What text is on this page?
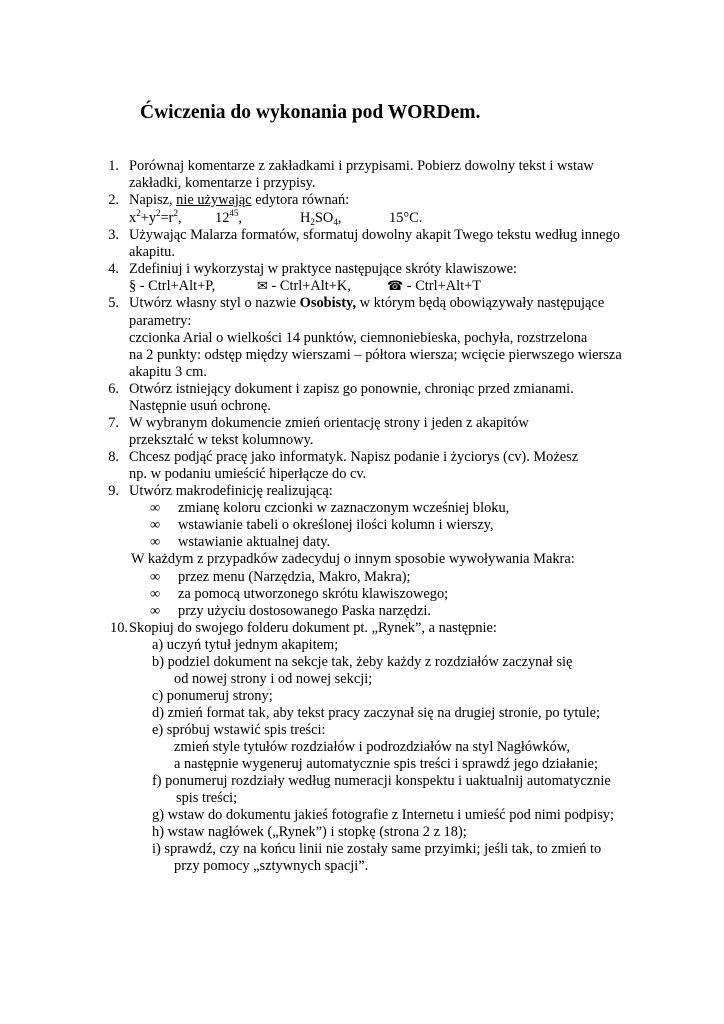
Ćwiczenia do wykonania pod WORDem.
1. Porównaj komentarze z zakładkami i przypisami. Pobierz dowolny tekst i wstaw
zakładki, komentarze i przypisy.
2. Napisz, nie używając edytora równań:
$x^2+y^2=r^2$, $12^{45}$,	$H_2SO_4$,	15°C.
3. Używając Malarza formatów, sformatuj dowolny akapit Twego tekstu według innego
akapitu.
4. Zdefiniuj i wykorzystaj w praktyce następujące skróty klawiszowe:
§ - Ctrl+Alt+P,	✉ - Ctrl+Alt+K,	☎ - Ctrl+Alt+T
5. Utwórz własny styl o nazwie Osobisty, w którym będą obowiązywały następujące
parametry:
czcionka Arial o wielkości 14 punktów, ciemnoniebieska, pochyła, rozstrzelona
na 2 punkty: odstęp między wierszami – półtora wiersza; wcięcie pierwszego wiersza
akapitu 3 cm.
6. Otwórz istniejący dokument i zapisz go ponownie, chroniąc przed zmianami.
Następnie usuń ochronę.
7. W wybranym dokumencie zmień orientację strony i jeden z akapitów
przekształć w tekst kolumnowy.
8. Chcesz podjąć pracę jako informatyk. Napisz podanie i życiorys (cv). Możesz
np. w podaniu umieścić hiperłącze do cv.
9. Utwórz makrodefinicję realizującą:
∞ zmianę koloru czcionki w zaznaczonym wcześniej bloku,
∞ wstawianie tabeli o określonej ilości kolumn i wierszy,
∞ wstawianie aktualnej daty.
W każdym z przypadków zadecyduj o innym sposobie wywoływania Makra:
∞ przez menu (Narzędzia, Makro, Makra);
∞ za pomocą utworzonego skrótu klawiszowego;
∞ przy użyciu dostosowanego Paska narzędzi.
10. Skopiuj do swojego folderu dokument pt. „Rynek”, a następnie:
a) uczyń tytuł jednym akapitem;
b) podziel dokument na sekcje tak, żeby każdy z rozdziałów zaczynał się
od nowej strony i od nowej sekcji;
c) ponumeruj strony;
d) zmień format tak, aby tekst pracy zaczynał się na drugiej stronie, po tytule;
e) spróbuj wstawić spis treści:
zmień style tytułów rozdziałów i podrozdziałów na styl Nagłówków,
a następnie wygeneruj automatycznie spis treści i sprawdź jego działanie;
f) ponumeruj rozdziały według numeracji konspektu i uaktualnij automatycznie
spis treści;
g) wstaw do dokumentu jakieś fotografie z Internetu i umieść pod nimi podpisy;
h) wstaw nagłówek („Rynek”) i stopkę (strona 2 z 18);
i) sprawdź, czy na końcu linii nie zostały same przyimki; jeśli tak, to zmień to
przy pomocy „sztywnych spacji”.
